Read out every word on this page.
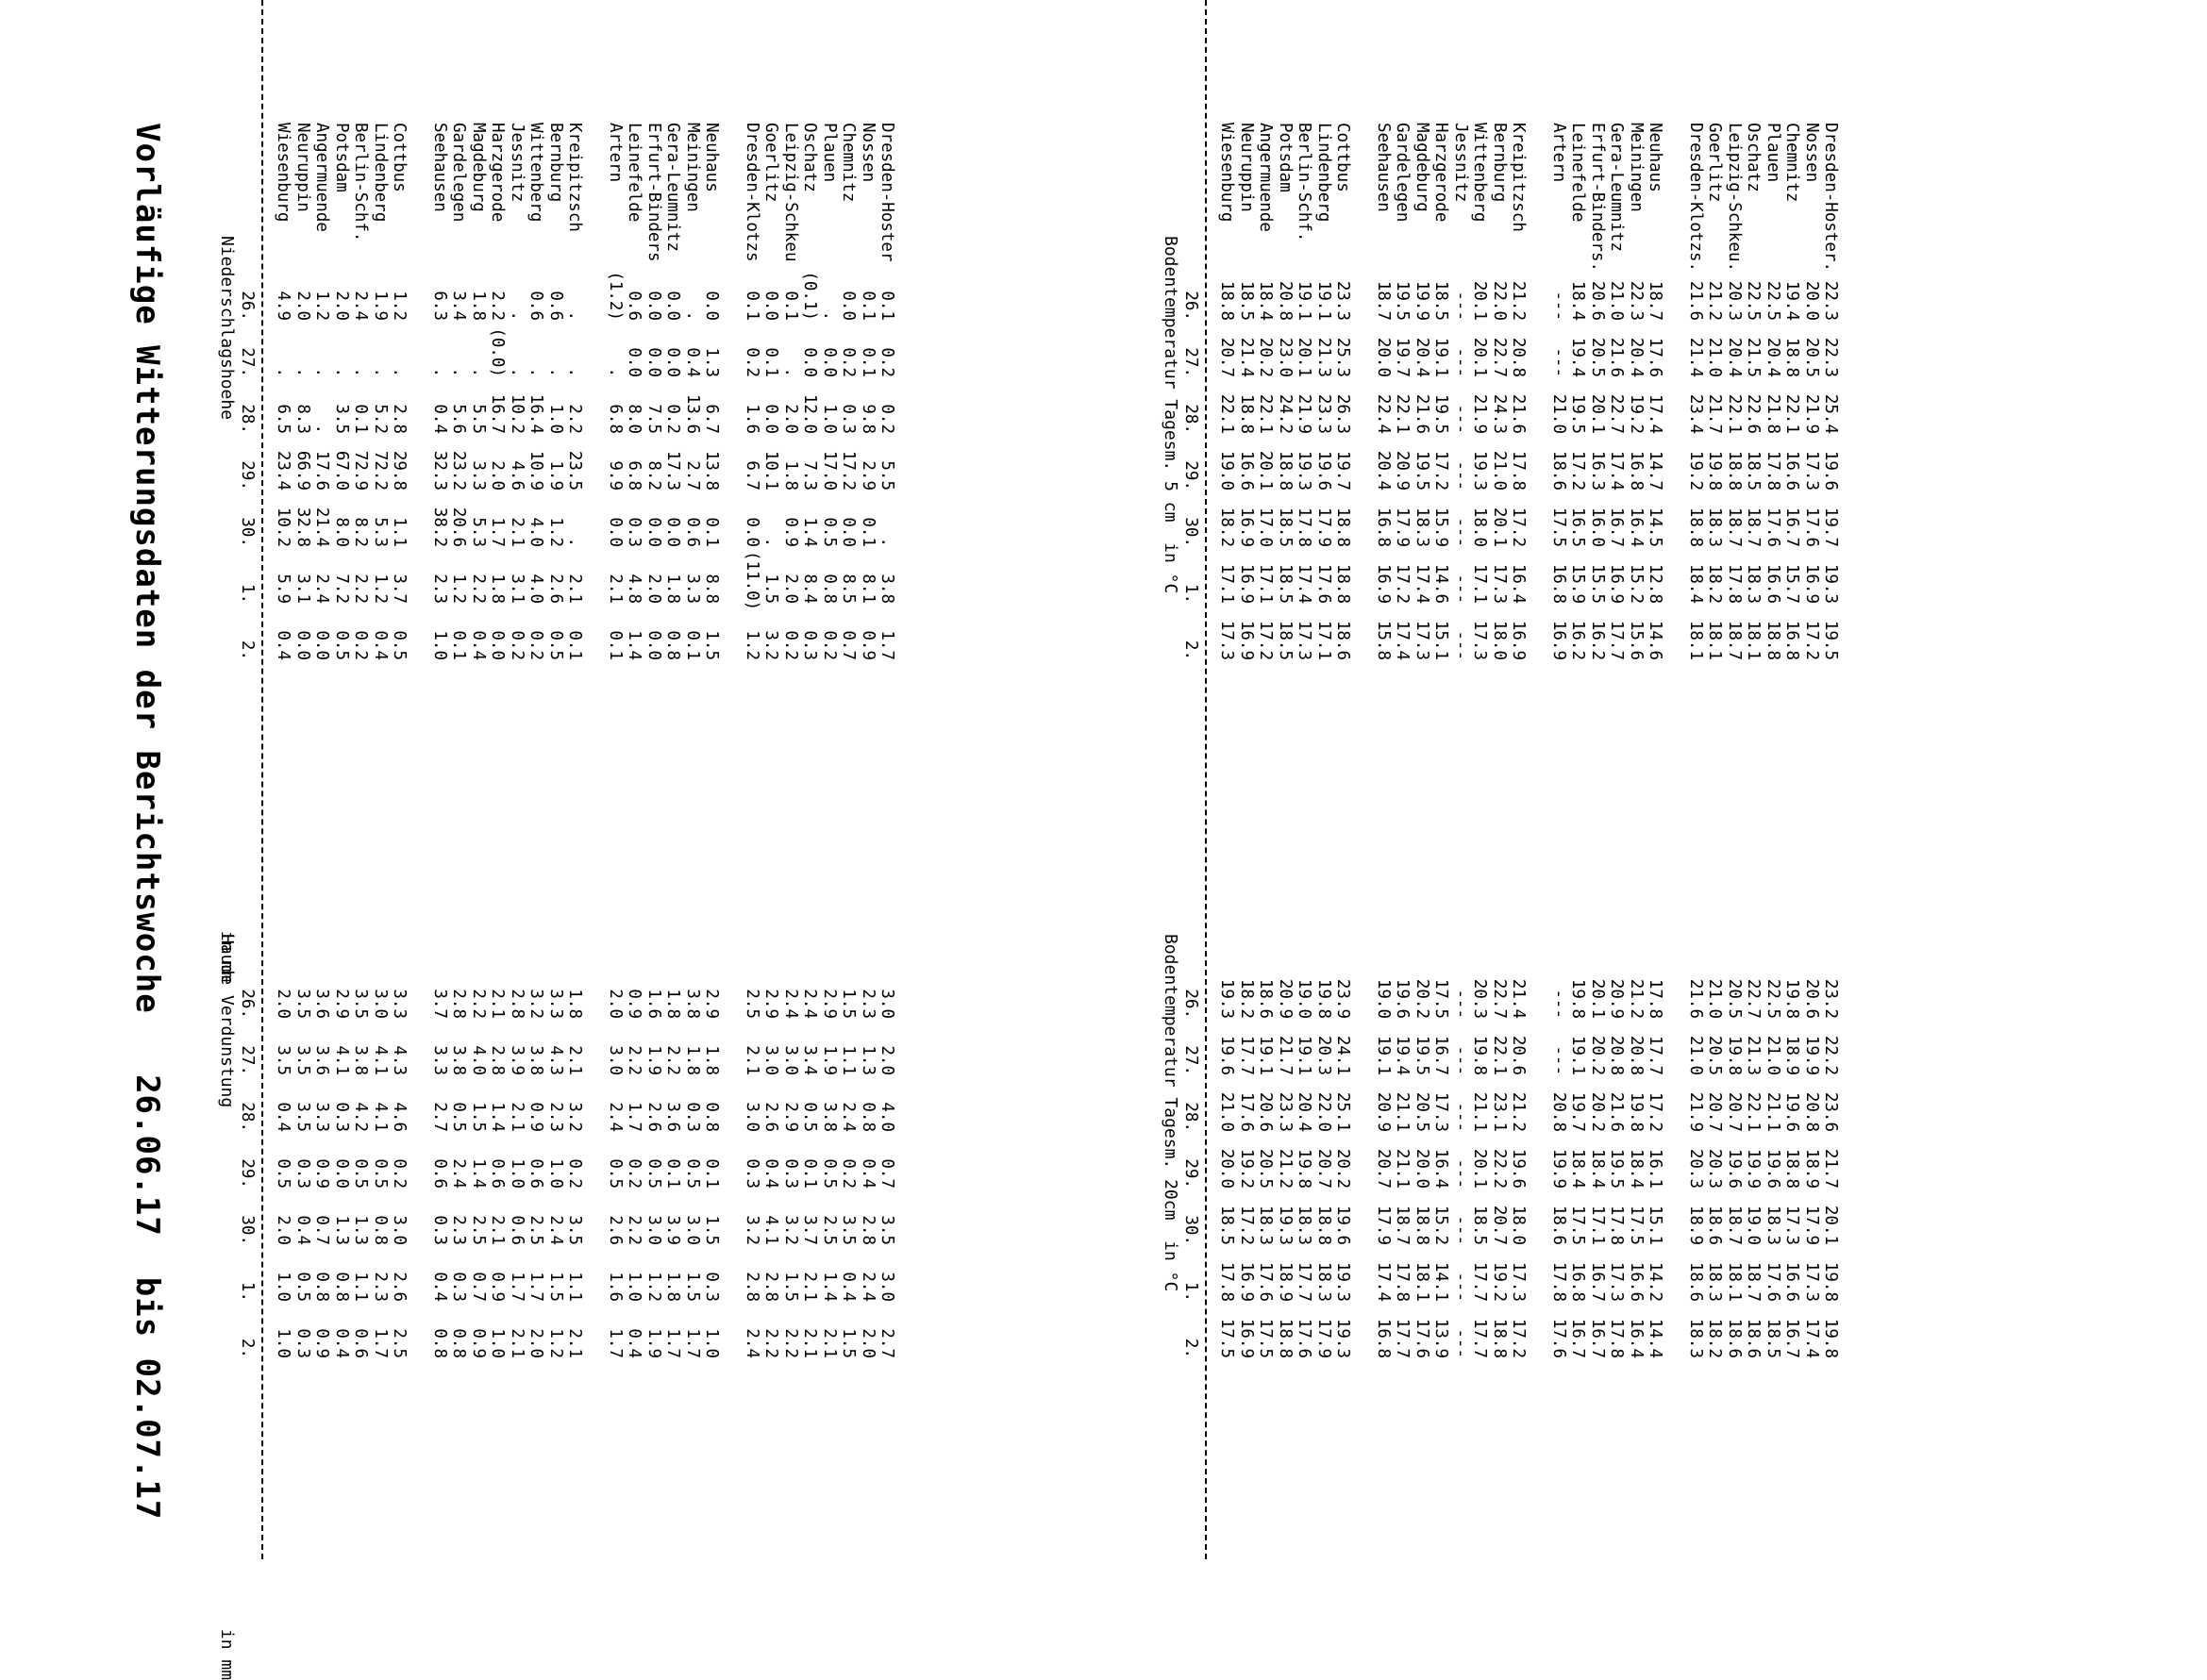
Vorläufige Witterungsdaten der Berichtswoche   26.06.17  bis 02.07.17	Niederschlagshoehe                                                  in mm
Haude Verdunstung                                                   in mm
26.
26.
27.
27.
28.
28.
29.
29.
30.
30.
1.
1.
2.
2.
Wiesenburg
4.9
.
6.5
23.4
10.2
5.9
0.4
2.0
3.5
0.4
0.5
2.0
1.0
1.0
Neuruppin
2.0
.
8.3
66.9
32.8
3.1
0.0
3.5
3.5
3.5
0.3
0.4
0.5
0.3
Angermuende
1.2
.
.
17.6
21.4
2.4
0.0
3.6
3.6
3.3
0.9
0.7
0.8
0.9
Potsdam
2.0
.
3.5
67.0
8.0
7.2
0.5
2.9
4.1
0.3
0.0
1.3
0.8
0.4
Berlin-Schf.
2.4
.
0.1
72.9
8.2
2.2
0.2
3.5
3.8
4.2
0.5
1.3
1.1
0.6
Lindenberg
1.9
.
5.2
72.2
5.3
1.2
0.4
3.0
4.1
4.1
0.5
0.8
2.3
1.7
Cottbus
1.2
.
2.8
29.8
1.1
3.7
0.5
3.3
4.3
4.6
0.2
3.0
2.6
2.5
Seehausen
6.3
.
0.4
32.3
38.2
2.3
1.0
3.7
3.3
2.7
0.6
0.3
0.4
0.8
Gardelegen
3.4
.
5.6
23.2
20.6
1.2
0.1
2.8
3.8
0.5
2.4
2.3
0.3
0.8
Magdeburg
1.8
.
5.5
3.3
5.3
2.2
0.4
2.2
4.0
1.5
1.4
2.5
0.7
0.9
Harzgerode
2.2
(0.0)
16.7
2.0
1.7
1.8
0.0
2.1
2.8
1.4
0.6
2.1
0.9
1.0
Jessnitz
.
.
10.2
4.6
2.1
3.1
0.2
2.8
3.9
2.1
1.0
0.6
1.7
2.1
Wittenberg
0.6
.
16.4
10.9
4.0
4.0
0.2
3.2
3.8
0.9
0.6
2.5
1.7
2.0
Bernburg
0.6
.
1.0
1.9
1.2
2.6
0.5
3.3
4.3
2.3
1.0
2.4
1.5
1.2
Kreipitzsch
.
.
2.2
23.5
.
2.1
0.1
1.8
2.1
3.2
0.2
3.5
1.1
2.1
Artern
(1.2)
.
6.8
9.9
0.0
2.1
0.1
2.0
3.0
2.4
0.5
2.6
1.6
1.7
Leinefelde
0.6
0.0
8.0
6.8
0.3
4.8
1.4
0.9
2.2
1.7
0.2
2.2
1.0
0.4
Erfurt-Binders
0.0
0.0
7.5
8.2
0.0
2.0
0.0
1.6
1.9
2.6
0.5
3.0
1.2
1.9
Gera-Leumnitz
0.0
0.0
0.2
17.3
0.0
1.8
0.8
1.8
2.2
3.6
0.1
3.9
1.8
1.7
Meiningen
.
0.4
13.6
2.7
0.6
3.3
0.1
3.8
1.8
0.3
0.5
3.0
1.5
1.7
Neuhaus
0.0
1.3
6.7
13.8
0.1
8.8
1.5
2.9
1.8
0.8
0.1
1.5
0.3
1.0
Dresden-Klotzs
0.1
0.2
1.6
6.7
0.0
(11.0)
1.2
2.5
2.1
3.0
0.3
3.2
2.8
2.4
Goerlitz
0.0
0.1
0.0
10.1
.
1.5
3.2
2.9
3.0
2.6
0.4
4.1
2.8
2.2
Leipzig-Schkeu
0.1
.
2.0
1.8
0.9
2.0
0.2
2.4
3.0
2.9
0.3
3.2
1.5
2.2
Oschatz
(0.1)
0.0
12.0
7.3
1.4
8.4
0.3
2.4
3.4
0.5
0.1
3.7
2.1
2.1
Plauen
.
0.0
1.0
17.0
0.5
0.8
0.2
2.9
1.9
3.8
0.5
2.5
1.4
2.1
Chemnitz
0.0
0.2
0.3
17.2
0.0
8.5
0.7
1.5
1.1
2.4
0.2
3.5
0.4
1.5
Nossen
0.1
0.1
9.8
2.9
0.1
8.1
0.9
2.3
1.3
0.8
0.4
2.8
2.4
2.0
Dresden-Hoster
0.1
0.2
0.2
5.5
.
3.8
1.7
3.0
2.0
4.0
0.7
3.5
3.0
2.7
Bodentemperatur Tagesm. 5 cm  in °C
Bodentemperatur Tagesm. 20cm  in °C
26.
26.
27.
27.
28.
28.
29.
29.
30.
30.
1.
1.
2.
2.
Wiesenburg
18.8
20.7
22.1
19.0
18.2
17.1
17.3
19.3
19.6
21.0
20.0
18.5
17.8
17.5
Neuruppin
18.5
21.4
18.8
16.6
16.9
16.9
16.9
18.2
17.7
17.6
19.2
17.2
16.9
16.9
Angermuende
18.4
20.2
22.1
20.1
17.0
17.1
17.2
18.6
19.1
20.6
20.5
18.3
17.6
17.5
Potsdam
20.8
23.0
24.2
18.8
18.5
18.5
18.5
20.9
21.7
23.3
21.2
19.3
18.9
18.8
Berlin-Schf.
19.1
20.1
21.9
19.3
17.8
17.4
17.3
19.0
19.1
20.4
19.8
18.3
17.7
17.6
Lindenberg
19.1
21.3
23.3
19.6
17.9
17.6
17.1
19.8
20.3
22.0
20.7
18.8
18.3
17.9
Cottbus
23.3
25.3
26.3
19.7
18.8
18.8
18.6
23.9
24.1
25.1
20.2
19.6
19.3
19.3
Seehausen
18.7
20.0
22.4
20.4
16.8
16.9
15.8
19.0
19.1
20.9
20.7
17.9
17.4
16.8
Gardelegen
19.5
19.7
22.1
20.9
17.9
17.2
17.4
19.6
19.4
21.1
21.1
18.7
17.8
17.7
Magdeburg
19.9
20.4
21.6
19.5
18.3
17.4
17.3
20.2
19.5
20.5
20.0
18.8
18.1
17.6
Harzgerode
18.5
19.1
19.5
17.2
15.9
14.6
15.1
17.5
16.7
17.3
16.4
15.2
14.1
13.9
Jessnitz
---
---
---
---
---
---
---
---
---
---
---
---
---
---
Wittenberg
20.1
20.1
21.9
19.3
18.0
17.1
17.3
20.3
19.8
21.1
20.1
18.5
17.7
17.7
Bernburg
22.0
22.7
24.3
21.0
20.1
17.3
18.0
22.7
22.1
23.1
22.2
20.7
19.2
18.8
Kreipitzsch
21.2
20.8
21.6
17.8
17.2
16.4
16.9
21.4
20.6
21.2
19.6
18.0
17.3
17.2
Artern
---
---
21.0
18.6
17.5
16.8
16.9
---
---
20.8
19.9
18.6
17.8
17.6
Leinefelde
18.4
19.4
19.5
17.2
16.5
15.9
16.2
19.8
19.1
19.7
18.4
17.5
16.8
16.7
Erfurt-Binders.
20.6
20.5
20.1
16.3
16.0
15.5
16.2
20.1
20.2
20.2
18.4
17.1
16.7
16.7
Gera-Leumnitz
21.0
21.6
22.7
17.4
16.7
16.9
17.7
20.9
20.8
21.6
19.5
17.8
17.3
17.8
Meiningen
22.3
20.4
19.2
16.8
16.4
15.2
15.6
21.2
20.8
19.8
18.4
17.5
16.6
16.4
Neuhaus
18.7
17.6
17.4
14.7
14.5
12.8
14.6
17.8
17.7
17.2
16.1
15.1
14.2
14.4
Dresden-Klotzs.
21.6
21.4
23.4
19.2
18.8
18.4
18.1
21.6
21.0
21.9
20.3
18.9
18.6
18.3
Goerlitz
21.2
21.0
21.7
19.8
18.3
18.2
18.1
21.0
20.5
20.7
20.3
18.6
18.3
18.2
Leipzig-Schkeu.
20.3
20.4
22.1
18.8
18.7
17.8
18.7
20.5
19.8
20.7
19.6
18.7
18.1
18.6
Oschatz
22.5
21.5
22.6
18.5
18.7
18.3
18.1
22.7
21.3
22.1
19.9
19.0
18.7
18.6
Plauen
22.5
20.4
21.8
17.8
17.6
16.6
18.8
22.5
21.0
21.1
19.6
18.3
17.6
18.5
Chemnitz
19.4
18.8
22.1
16.6
16.7
15.7
16.8
19.8
18.9
19.6
18.8
17.3
16.6
16.7
Nossen
20.0
20.5
21.9
17.3
17.6
16.9
17.2
20.6
19.9
20.8
18.9
17.9
17.3
17.4
Dresden-Hoster.
22.3
22.3
25.4
19.6
19.7
19.3
19.5
23.2
22.2
23.6
21.7
20.1
19.8
19.8
